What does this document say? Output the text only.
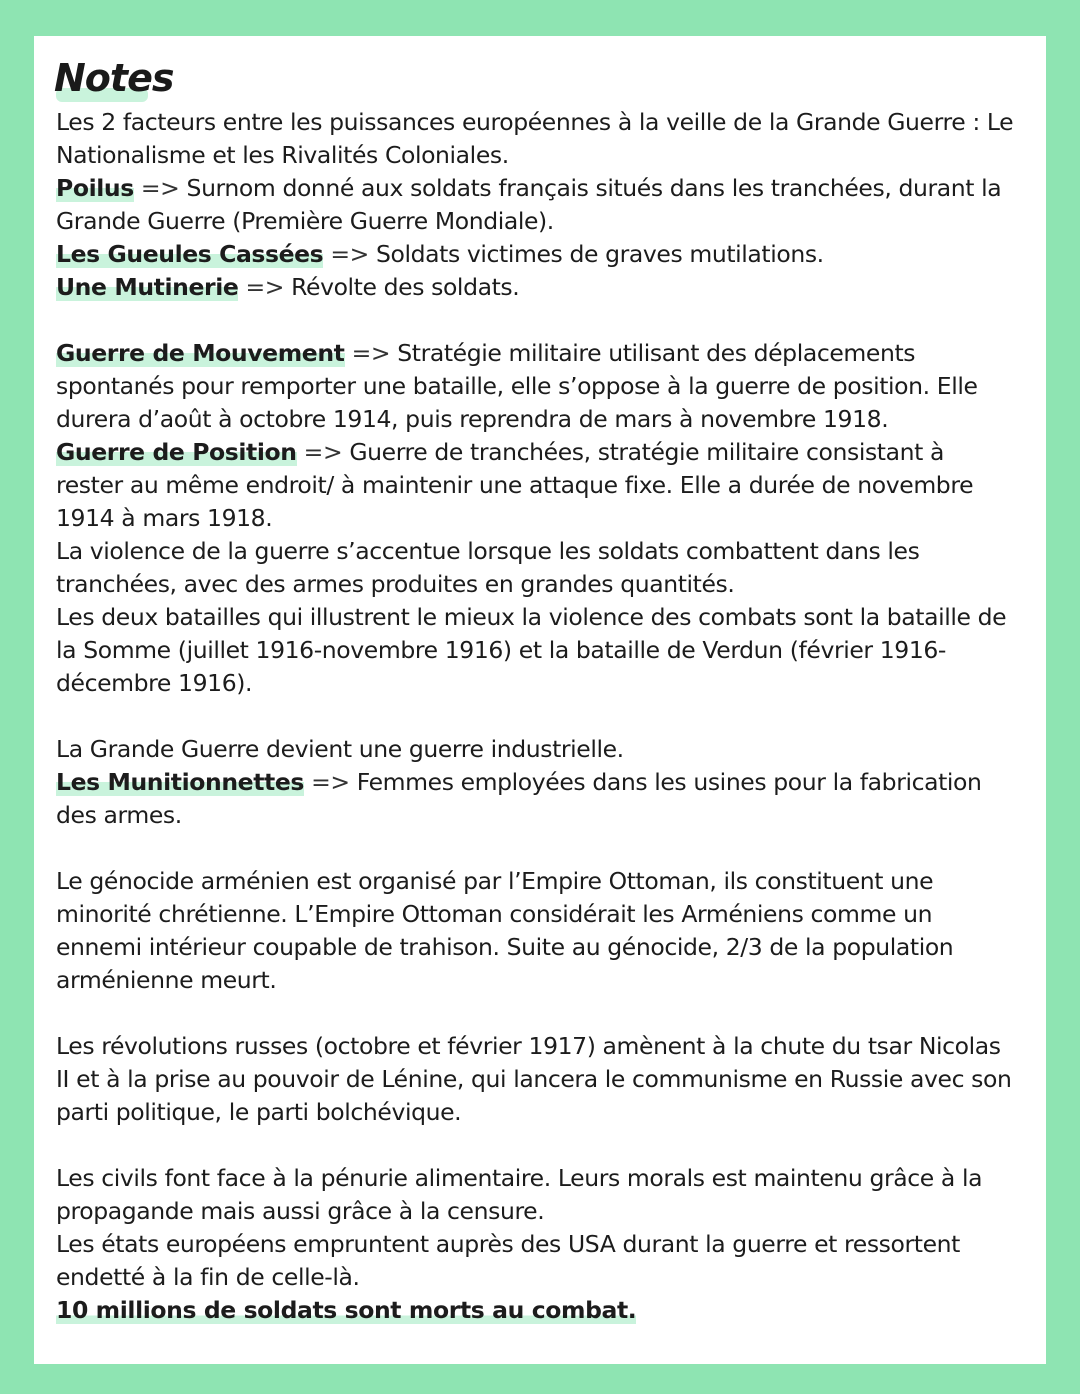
Notes

Les 2 facteurs entre les puissances européennes à la veille de la Grande Guerre : Le Nationalisme et les Rivalités Coloniales.

Poilus => Surnom donné aux soldats français situés dans les tranchées, durant la Grande Guerre (Première Guerre Mondiale).

Les Gueules Cassées => Soldats victimes de graves mutilations.

Une Mutinerie => Révolte des soldats.

Guerre de Mouvement => Stratégie militaire utilisant des déplacements spontanés pour remporter une bataille, elle s’oppose à la guerre de position. Elle durera d’août à octobre 1914, puis reprendra de mars à novembre 1918.

Guerre de Position => Guerre de tranchées, stratégie militaire consistant à rester au même endroit/ à maintenir une attaque fixe. Elle a durée de novembre 1914 à mars 1918.

La violence de la guerre s’accentue lorsque les soldats combattent dans les tranchées, avec des armes produites en grandes quantités.

Les deux batailles qui illustrent le mieux la violence des combats sont la bataille de la Somme (juillet 1916-novembre 1916) et la bataille de Verdun (février 1916-décembre 1916).

La Grande Guerre devient une guerre industrielle.

Les Munitionnettes => Femmes employées dans les usines pour la fabrication des armes.

Le génocide arménien est organisé par l’Empire Ottoman, ils constituent une minorité chrétienne. L’Empire Ottoman considérait les Arméniens comme un ennemi intérieur coupable de trahison. Suite au génocide, 2/3 de la population arménienne meurt.

Les révolutions russes (octobre et février 1917) amènent à la chute du tsar Nicolas II et à la prise au pouvoir de Lénine, qui lancera le communisme en Russie avec son parti politique, le parti bolchévique.

Les civils font face à la pénurie alimentaire. Leurs morals est maintenu grâce à la propagande mais aussi grâce à la censure.

Les états européens empruntent auprès des USA durant la guerre et ressortent endetté à la fin de celle-là.

10 millions de soldats sont morts au combat.
